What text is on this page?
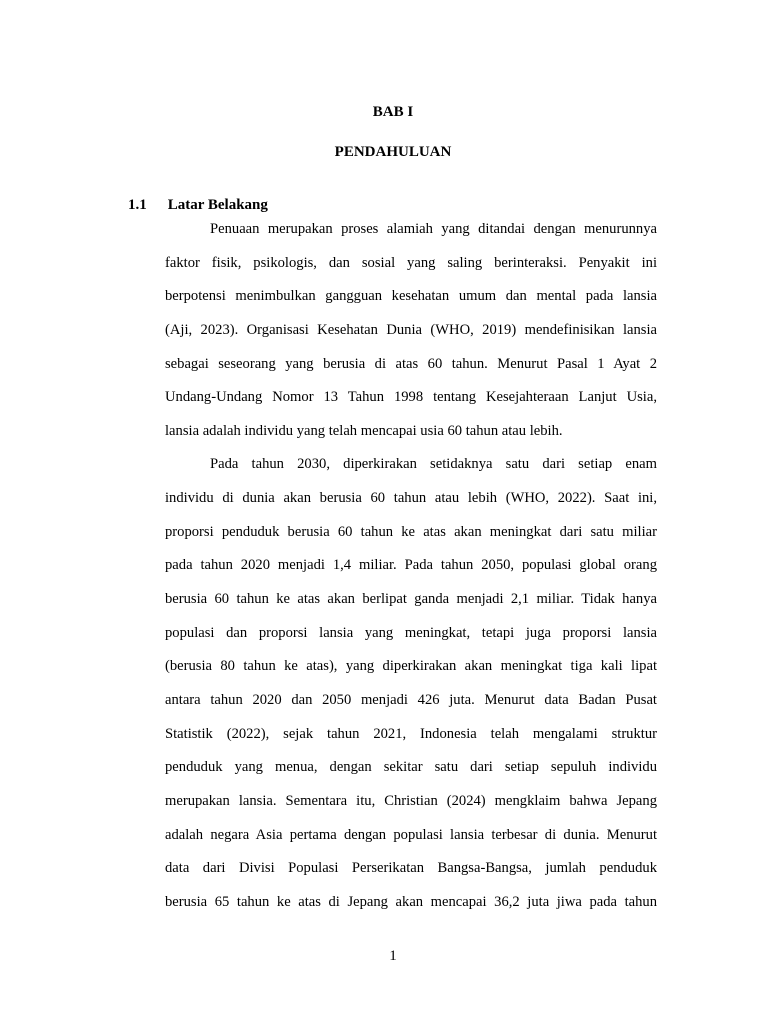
BAB I
PENDAHULUAN
1.1 Latar Belakang
Penuaan merupakan proses alamiah yang ditandai dengan menurunnya
faktor fisik, psikologis, dan sosial yang saling berinteraksi. Penyakit ini
berpotensi menimbulkan gangguan kesehatan umum dan mental pada lansia
(Aji, 2023). Organisasi Kesehatan Dunia (WHO, 2019) mendefinisikan lansia
sebagai seseorang yang berusia di atas 60 tahun. Menurut Pasal 1 Ayat 2
Undang-Undang Nomor 13 Tahun 1998 tentang Kesejahteraan Lanjut Usia,
lansia adalah individu yang telah mencapai usia 60 tahun atau lebih.
Pada tahun 2030, diperkirakan setidaknya satu dari setiap enam
individu di dunia akan berusia 60 tahun atau lebih (WHO, 2022). Saat ini,
proporsi penduduk berusia 60 tahun ke atas akan meningkat dari satu miliar
pada tahun 2020 menjadi 1,4 miliar. Pada tahun 2050, populasi global orang
berusia 60 tahun ke atas akan berlipat ganda menjadi 2,1 miliar. Tidak hanya
populasi dan proporsi lansia yang meningkat, tetapi juga proporsi lansia
(berusia 80 tahun ke atas), yang diperkirakan akan meningkat tiga kali lipat
antara tahun 2020 dan 2050 menjadi 426 juta. Menurut data Badan Pusat
Statistik (2022), sejak tahun 2021, Indonesia telah mengalami struktur
penduduk yang menua, dengan sekitar satu dari setiap sepuluh individu
merupakan lansia. Sementara itu, Christian (2024) mengklaim bahwa Jepang
adalah negara Asia pertama dengan populasi lansia terbesar di dunia. Menurut
data dari Divisi Populasi Perserikatan Bangsa-Bangsa, jumlah penduduk
berusia 65 tahun ke atas di Jepang akan mencapai 36,2 juta jiwa pada tahun
1
